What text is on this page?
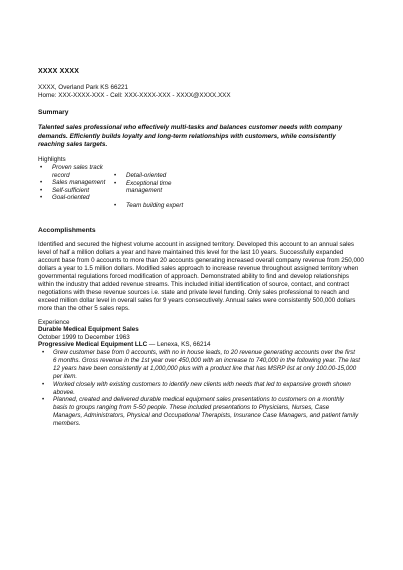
XXXX XXXX
XXXX, Overland Park KS 66221
Home: XXX-XXXX-XXX - Cell: XXX-XXXX-XXX - XXXX@XXXX.XXX
Summary
Talented sales professional who effectively multi-tasks and balances customer needs with company demands. Efficiently builds loyalty and long-term relationships with customers, while consistently reaching sales targets.
Highlights
• Proven sales track record
• Sales management
• Self-sufficient
• Goal-oriented
• Detail-oriented
• Exceptional time management
• Team building expert
Accomplishments
Identified and secured the highest volume account in assigned territory. Developed this account to an annual sales level of half a million dollars a year and have maintained this level for the last 10 years. Successfully expanded account base from 0 accounts to more than 20 accounts generating increased overall company revenue from 250,000 dollars a year to 1.5 million dollars. Modified sales approach to increase revenue throughout assigned territory when governmental regulations forced modification of approach. Demonstrated ability to find and develop relationships within the industry that added revenue streams. This included initial identification of source, contact, and contract negotiations with these revenue sources i.e. state and private level funding. Only sales professional to reach and exceed million dollar level in overall sales for 9 years consecutively. Annual sales were consistently 500,000 dollars more than the other 5 sales reps.
Experience
Durable Medical Equipment Sales
October 1999 to December 1963
Progressive Medical Equipment LLC — Lenexa, KS, 66214
• Grew customer base from 0 accounts, with no in house leads, to 20 revenue generating accounts over the first 6 months. Gross revenue in the 1st year over 450,000 with an increase to 740,000 in the following year. The last 12 years have been consistently at 1,000,000 plus with a product line that has MSRP list at only 100.00-15,000 per item.
• Worked closely with existing customers to identify new clients with needs that led to expansive growth shown abovee.
• Planned, created and delivered durable medical equipment sales presentations to customers on a monthly basis to groups ranging from 5-50 people. These included presentations to Physicians, Nurses, Case Managers, Administrators, Physical and Occupational Therapists, Insurance Case Managers, and patient family members.
